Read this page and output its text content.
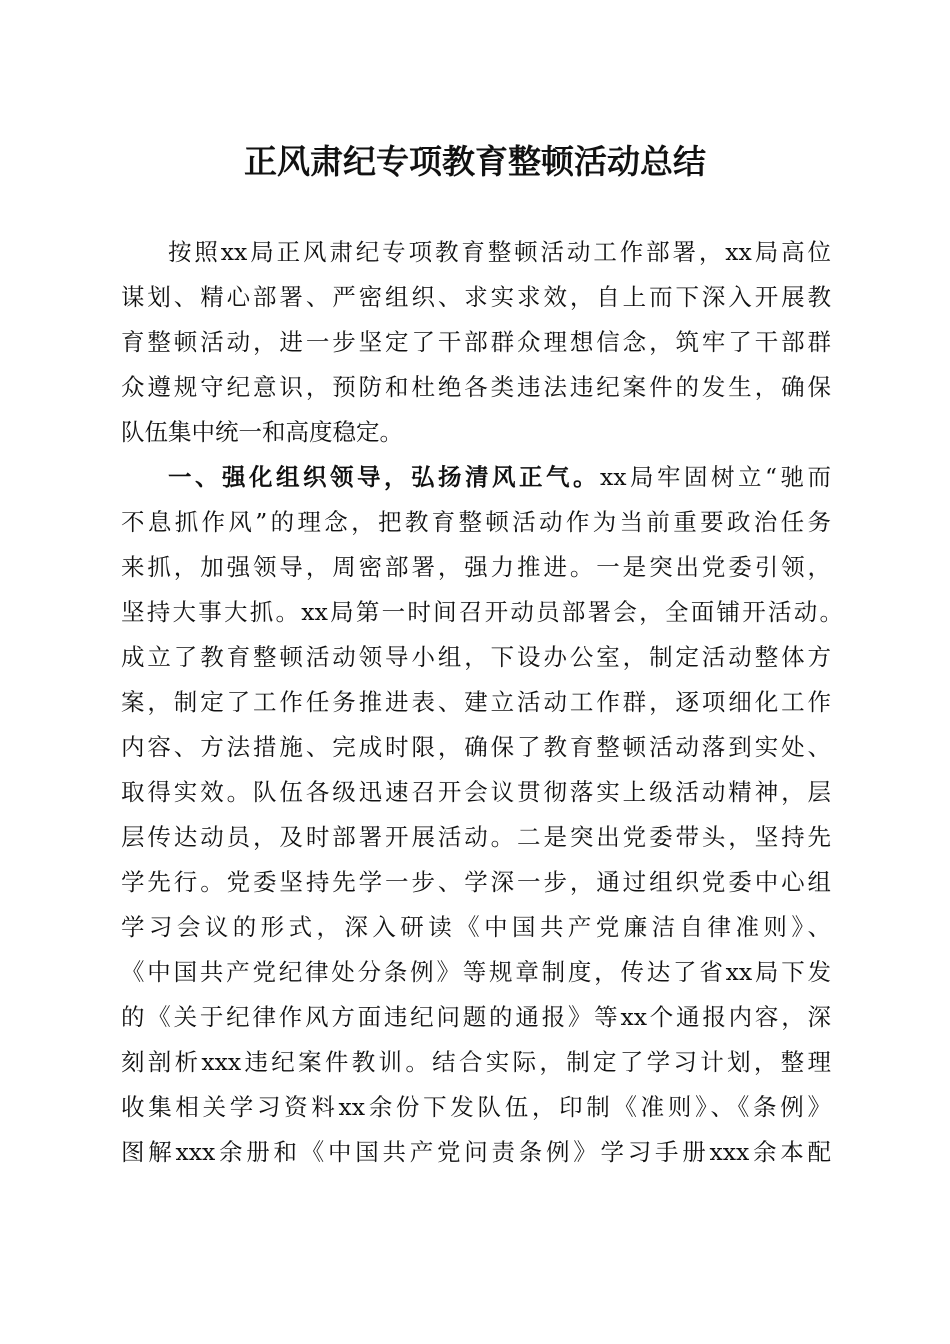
正风肃纪专项教育整顿活动总结
按照xx局正风肃纪专项教育整顿活动工作部署，xx局高位
谋划、精心部署、严密组织、求实求效，自上而下深入开展教
育整顿活动，进一步坚定了干部群众理想信念，筑牢了干部群
众遵规守纪意识，预防和杜绝各类违法违纪案件的发生，确保
队伍集中统一和高度稳定。
一、强化组织领导，弘扬清风正气。xx局牢固树立“驰而
不息抓作风”的理念，把教育整顿活动作为当前重要政治任务
来抓，加强领导，周密部署，强力推进。一是突出党委引领，
坚持大事大抓。xx局第一时间召开动员部署会，全面铺开活动。
成立了教育整顿活动领导小组，下设办公室，制定活动整体方
案，制定了工作任务推进表、建立活动工作群，逐项细化工作
内容、方法措施、完成时限，确保了教育整顿活动落到实处、
取得实效。队伍各级迅速召开会议贯彻落实上级活动精神，层
层传达动员，及时部署开展活动。二是突出党委带头，坚持先
学先行。党委坚持先学一步、学深一步，通过组织党委中心组
学习会议的形式，深入研读《中国共产党廉洁自律准则》、
《中国共产党纪律处分条例》等规章制度，传达了省xx局下发
的《关于纪律作风方面违纪问题的通报》等xx个通报内容，深
刻剖析xxx违纪案件教训。结合实际，制定了学习计划，整理
收集相关学习资料xx余份下发队伍，印制《准则》、《条例》
图解xxx余册和《中国共产党问责条例》学习手册xxx余本配
